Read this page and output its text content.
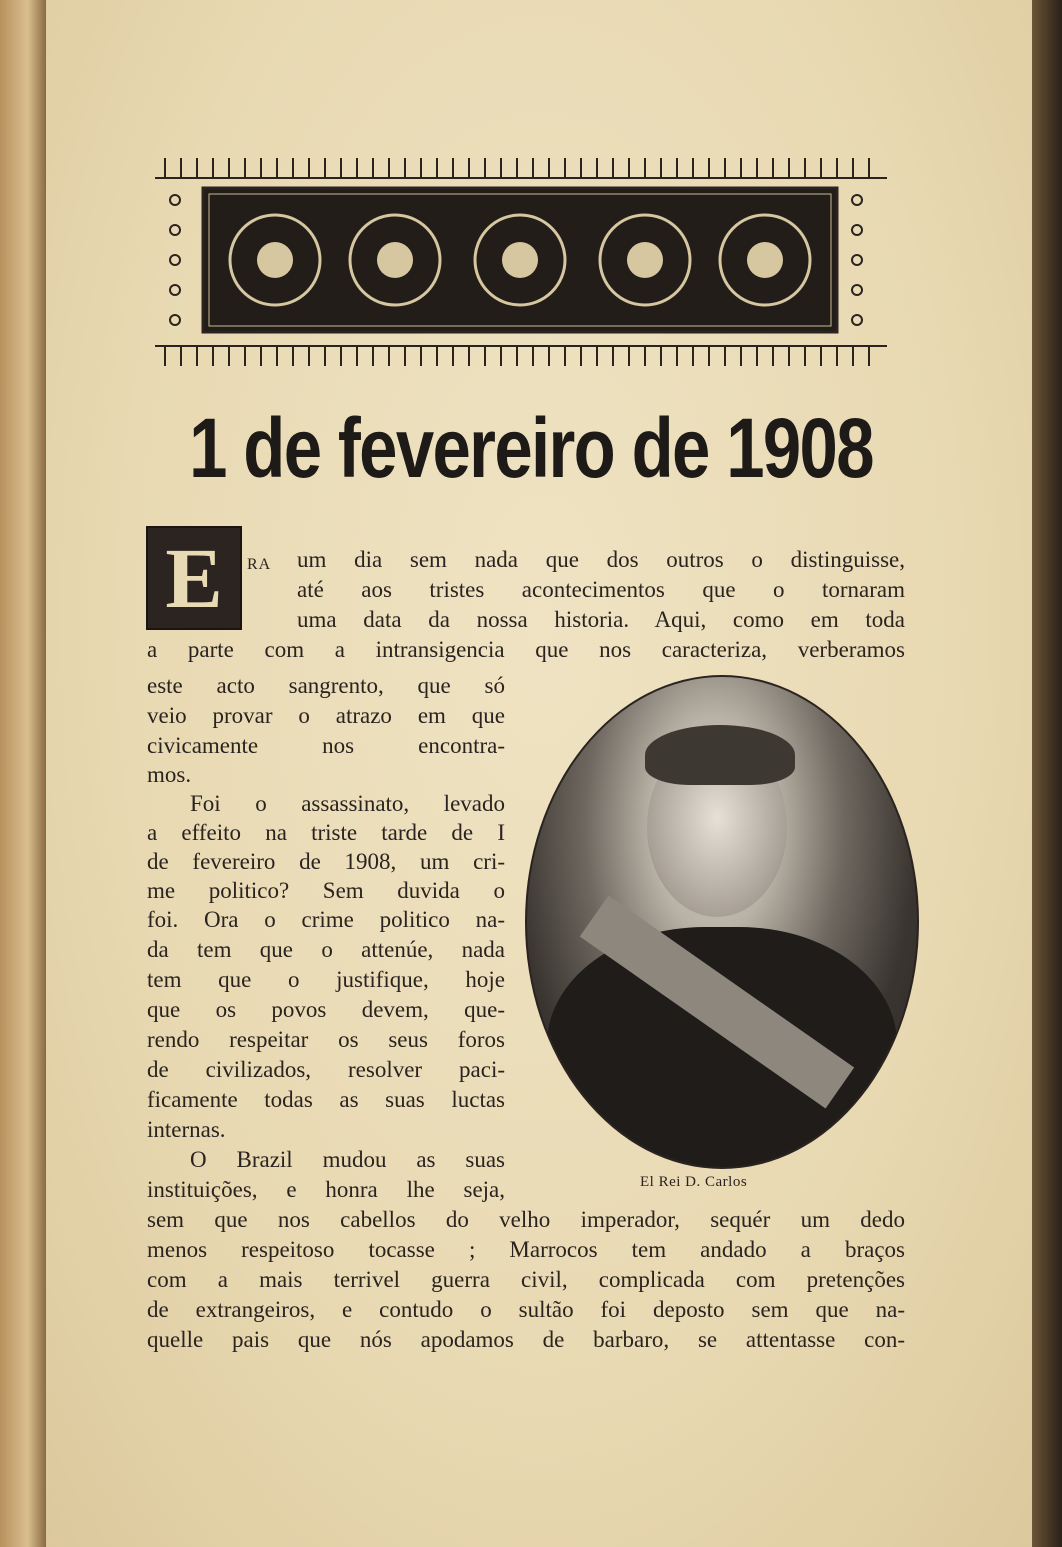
1 de fevereiro de 1908
E	RA um dia sem nada que dos outros o distinguisse,
até aos tristes acontecimentos que o tornaram
uma data da nossa historia. Aqui, como em toda
a parte com a intransigencia que nos caracteriza, verberamos
este acto sangrento, que só
veio provar o atrazo em que
civicamente nos encontra-
mos.
Foi o assassinato, levado
a effeito na triste tarde de I
de fevereiro de 1908, um cri-
me politico? Sem duvida o
foi. Ora o crime politico na-
da tem que o attenúe, nada
tem que o justifique, hoje
que os povos devem, que-
rendo respeitar os seus foros
de civilizados, resolver paci-
ficamente todas as suas luctas
internas.
O Brazil mudou as suas
instituições, e honra lhe seja,
sem que nos cabellos do velho imperador, sequér um dedo
menos respeitoso tocasse ; Marrocos tem andado a braços
com a mais terrivel guerra civil, complicada com pretenções
de extrangeiros, e contudo o sultão foi deposto sem que na-
quelle pais que nós apodamos de barbaro, se attentasse con-
El Rei D. Carlos
